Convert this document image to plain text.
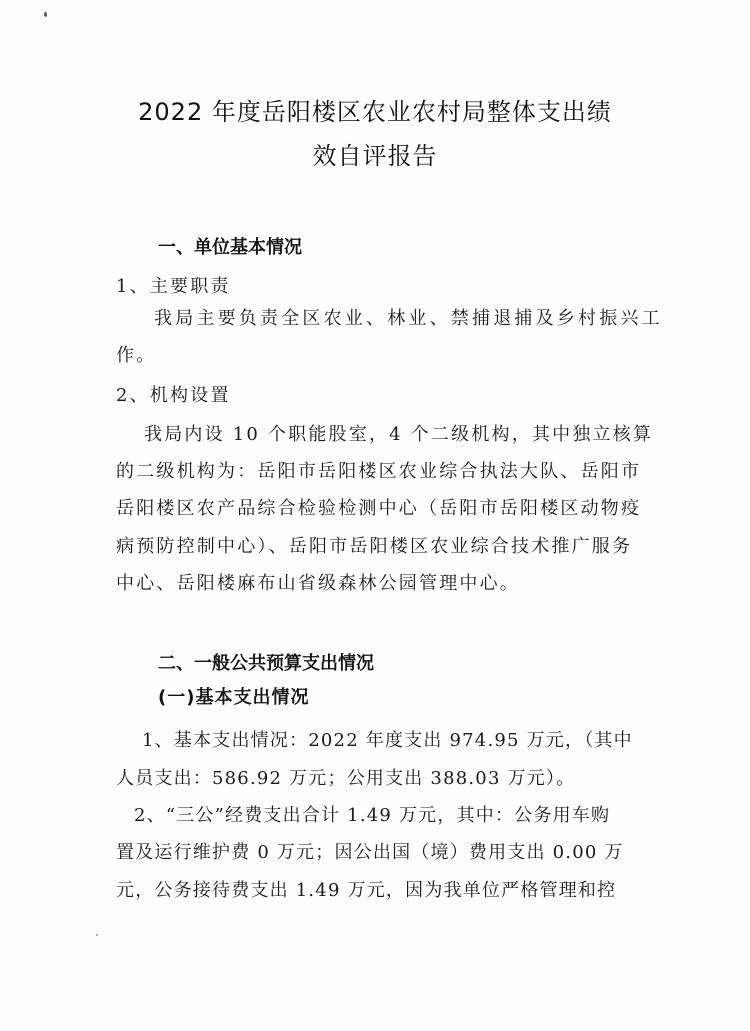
2022 年度岳阳楼区农业农村局整体支出绩
效自评报告
一、单位基本情况
1、主要职责
我局主要负责全区农业、林业、禁捕退捕及乡村振兴工
作。
2、机构设置
我局内设 10 个职能股室，4 个二级机构，其中独立核算
的二级机构为：岳阳市岳阳楼区农业综合执法大队、岳阳市
岳阳楼区农产品综合检验检测中心（岳阳市岳阳楼区动物疫
病预防控制中心）、岳阳市岳阳楼区农业综合技术推广服务
中心、岳阳楼麻布山省级森林公园管理中心。
二、一般公共预算支出情况
(一)基本支出情况
1、基本支出情况：2022 年度支出 974.95 万元，（其中
人员支出：586.92 万元；公用支出 388.03 万元）。
2、“三公”经费支出合计 1.49 万元，其中：公务用车购
置及运行维护费 0 万元；因公出国（境）费用支出 0.00 万
元，公务接待费支出 1.49 万元，因为我单位严格管理和控
